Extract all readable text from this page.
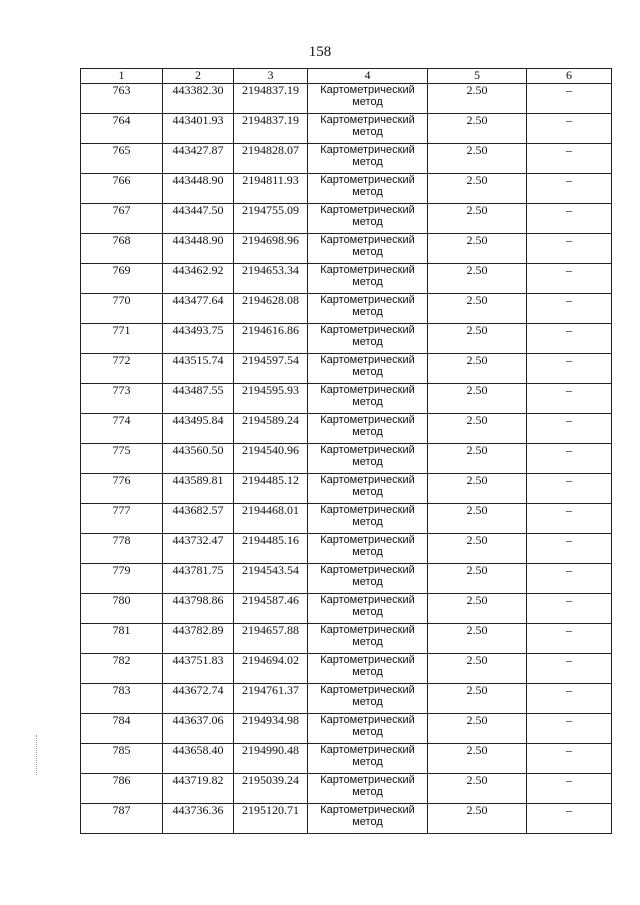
158
1	2	3	4	5	6
763	443382.30	2194837.19	Картометрический метод	2.50	–
764	443401.93	2194837.19	Картометрический метод	2.50	–
765	443427.87	2194828.07	Картометрический метод	2.50	–
766	443448.90	2194811.93	Картометрический метод	2.50	–
767	443447.50	2194755.09	Картометрический метод	2.50	–
768	443448.90	2194698.96	Картометрический метод	2.50	–
769	443462.92	2194653.34	Картометрический метод	2.50	–
770	443477.64	2194628.08	Картометрический метод	2.50	–
771	443493.75	2194616.86	Картометрический метод	2.50	–
772	443515.74	2194597.54	Картометрический метод	2.50	–
773	443487.55	2194595.93	Картометрический метод	2.50	–
774	443495.84	2194589.24	Картометрический метод	2.50	–
775	443560.50	2194540.96	Картометрический метод	2.50	–
776	443589.81	2194485.12	Картометрический метод	2.50	–
777	443682.57	2194468.01	Картометрический метод	2.50	–
778	443732.47	2194485.16	Картометрический метод	2.50	–
779	443781.75	2194543.54	Картометрический метод	2.50	–
780	443798.86	2194587.46	Картометрический метод	2.50	–
781	443782.89	2194657.88	Картометрический метод	2.50	–
782	443751.83	2194694.02	Картометрический метод	2.50	–
783	443672.74	2194761.37	Картометрический метод	2.50	–
784	443637.06	2194934.98	Картометрический метод	2.50	–
785	443658.40	2194990.48	Картометрический метод	2.50	–
786	443719.82	2195039.24	Картометрический метод	2.50	–
787	443736.36	2195120.71	Картометрический метод	2.50	–
